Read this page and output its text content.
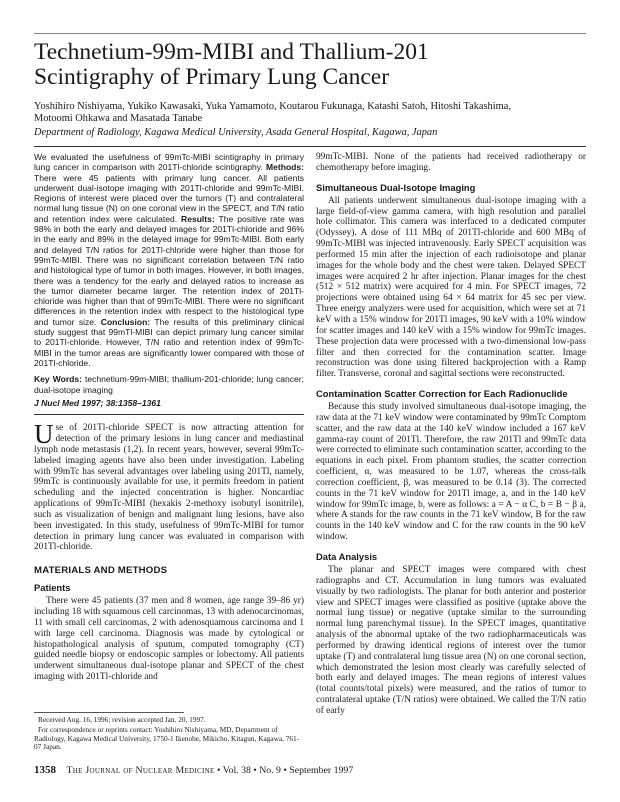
Technetium-99m-MIBI and Thallium-201
Scintigraphy of Primary Lung Cancer
Yoshihiro Nishiyama, Yukiko Kawasaki, Yuka Yamamoto, Koutarou Fukunaga, Katashi Satoh, Hitoshi Takashima,
Motoomi Ohkawa and Masatada Tanabe
Department of Radiology, Kagawa Medical University, Asada General Hospital, Kagawa, Japan

We evaluated the usefulness of 99mTc-MIBI scintigraphy in primary lung cancer in comparison with 201Tl-chloride scintigraphy. Methods: There were 45 patients with primary lung cancer. All patients underwent dual-isotope imaging with 201Tl-chloride and 99mTc-MIBI. Regions of interest were placed over the tumors (T) and contralateral normal lung tissue (N) on one coronal view in the SPECT, and T/N ratio and retention index were calculated. Results: The positive rate was 98% in both the early and delayed images for 201Tl-chloride and 96% in the early and 89% in the delayed image for 99mTc-MIBI. Both early and delayed T/N ratios for 201Tl-chloride were higher than those for 99mTc-MIBI. There was no significant correlation between T/N ratio and histological type of tumor in both images. However, in both images, there was a tendency for the early and delayed ratios to increase as the tumor diameter became larger. The retention index of 201Tl-chloride was higher than that of 99mTc-MIBI. There were no significant differences in the retention index with respect to the histological type and tumor size. Conclusion: The results of this preliminary clinical study suggest that 99mTl-MIBI can depict primary lung cancer similar to 201Tl-chloride. However, T/N ratio and retention index of 99mTc-MIBI in the tumor areas are significantly lower compared with those of 201Tl-chloride.

Key Words: technetium-99m-MIBI; thallium-201-chloride; lung cancer; dual-isotope imaging
J Nucl Med 1997; 38:1358–1361

Use of 201Tl-chloride SPECT is now attracting attention for detection of the primary lesions in lung cancer and mediastinal lymph node metastasis (1,2). In recent years, however, several 99mTc-labeled imaging agents have also been under investigation. Labeling with 99mTc has several advantages over labeling using 201Tl, namely, 99mTc is continuously available for use, it permits freedom in patient scheduling and the injected concentration is higher. Noncardiac applications of 99mTc-MIBI (hexakis 2-methoxy isobutyl isonitrile), such as visualization of benign and malignant lung lesions, have also been investigated. In this study, usefulness of 99mTc-MIBI for tumor detection in primary lung cancer was evaluated in comparison with 201Tl-chloride.

MATERIALS AND METHODS
Patients

There were 45 patients (37 men and 8 women, age range 39–86 yr) including 18 with squamous cell carcinomas, 13 with adenocarcinomas, 11 with small cell carcinomas, 2 with adenosquamous carcinoma and 1 with large cell carcinoma. Diagnosis was made by cytological or histopathological analysis of sputum, computed tomography (CT) guided needle biopsy or endoscopic samples or lobectomy. All patients underwent simultaneous dual-isotope planar and SPECT of the chest imaging with 201Tl-chloride and

Received Aug. 16, 1996; revision accepted Jan. 20, 1997.

For correspondence or reprints contact: Yoshihiro Nishiyama, MD, Department of Radiology, Kagawa Medical University, 1750-1 Ikenobe, Mikicho, Kitagun, Kagawa, 761-07 Japan.

99mTc-MIBI. None of the patients had received radiotherapy or chemotherapy before imaging.

Simultaneous Dual-Isotope Imaging

All patients underwent simultaneous dual-isotope imaging with a large field-of-view gamma camera, with high resolution and parallel hole collimator. This camera was interfaced to a dedicated computer (Odyssey). A dose of 111 MBq of 201Tl-chloride and 600 MBq of 99mTc-MIBI was injected intravenously. Early SPECT acquisition was performed 15 min after the injection of each radioisotope and planar images for the whole body and the chest were taken. Delayed SPECT images were acquired 2 hr after injection. Planar images for the chest (512 × 512 matrix) were acquired for 4 min. For SPECT images, 72 projections were obtained using 64 × 64 matrix for 45 sec per view. Three energy analyzers were used for acquisition, which were set at 71 keV with a 15% window for 201Tl images, 90 keV with a 10% window for scatter images and 140 keV with a 15% window for 99mTc images. These projection data were processed with a two-dimensional low-pass filter and then corrected for the contamination scatter. Image reconstruction was done using filtered backprojection with a Ramp filter. Transverse, coronal and sagittal sections were reconstructed.

Contamination Scatter Correction for Each Radionuclide

Because this study involved simultaneous dual-isotope imaging, the raw data at the 71 keV window were contaminated by 99mTc Comptom scatter, and the raw data at the 140 keV window included a 167 keV gamma-ray count of 201Tl. Therefore, the raw 201Tl and 99mTc data were corrected to eliminate such contamination scatter, according to the equations in each pixel. From phantom studies, the scatter correction coefficient, α, was measured to be 1.07, whereas the cross-talk correction coefficient, β, was measured to be 0.14 (3). The corrected counts in the 71 keV window for 201Tl image, a, and in the 140 keV window for 99mTc image, b, were as follows: a = A − α C, b = B − β a, where A stands for the raw counts in the 71 keV window, B for the raw counts in the 140 keV window and C for the raw counts in the 90 keV window.

Data Analysis

The planar and SPECT images were compared with chest radiographs and CT. Accumulation in lung tumors was evaluated visually by two radiologists. The planar for both anterior and posterior view and SPECT images were classified as positive (uptake above the normal lung tissue) or negative (uptake similar to the surrounding normal lung parenchymal tissue). In the SPECT images, quantitative analysis of the abnormal uptake of the two radiopharmaceuticals was performed by drawing identical regions of interest over the tumor uptake (T) and contralateral lung tissue area (N) on one coronal section, which demonstrated the lesion most clearly was carefully selected of both early and delayed images. The mean regions of interest values (total counts/total pixels) were measured, and the ratios of tumor to contralateral uptake (T/N ratios) were obtained. We called the T/N ratio of early

1358 The Journal of Nuclear Medicine • Vol. 38 • No. 9 • September 1997
